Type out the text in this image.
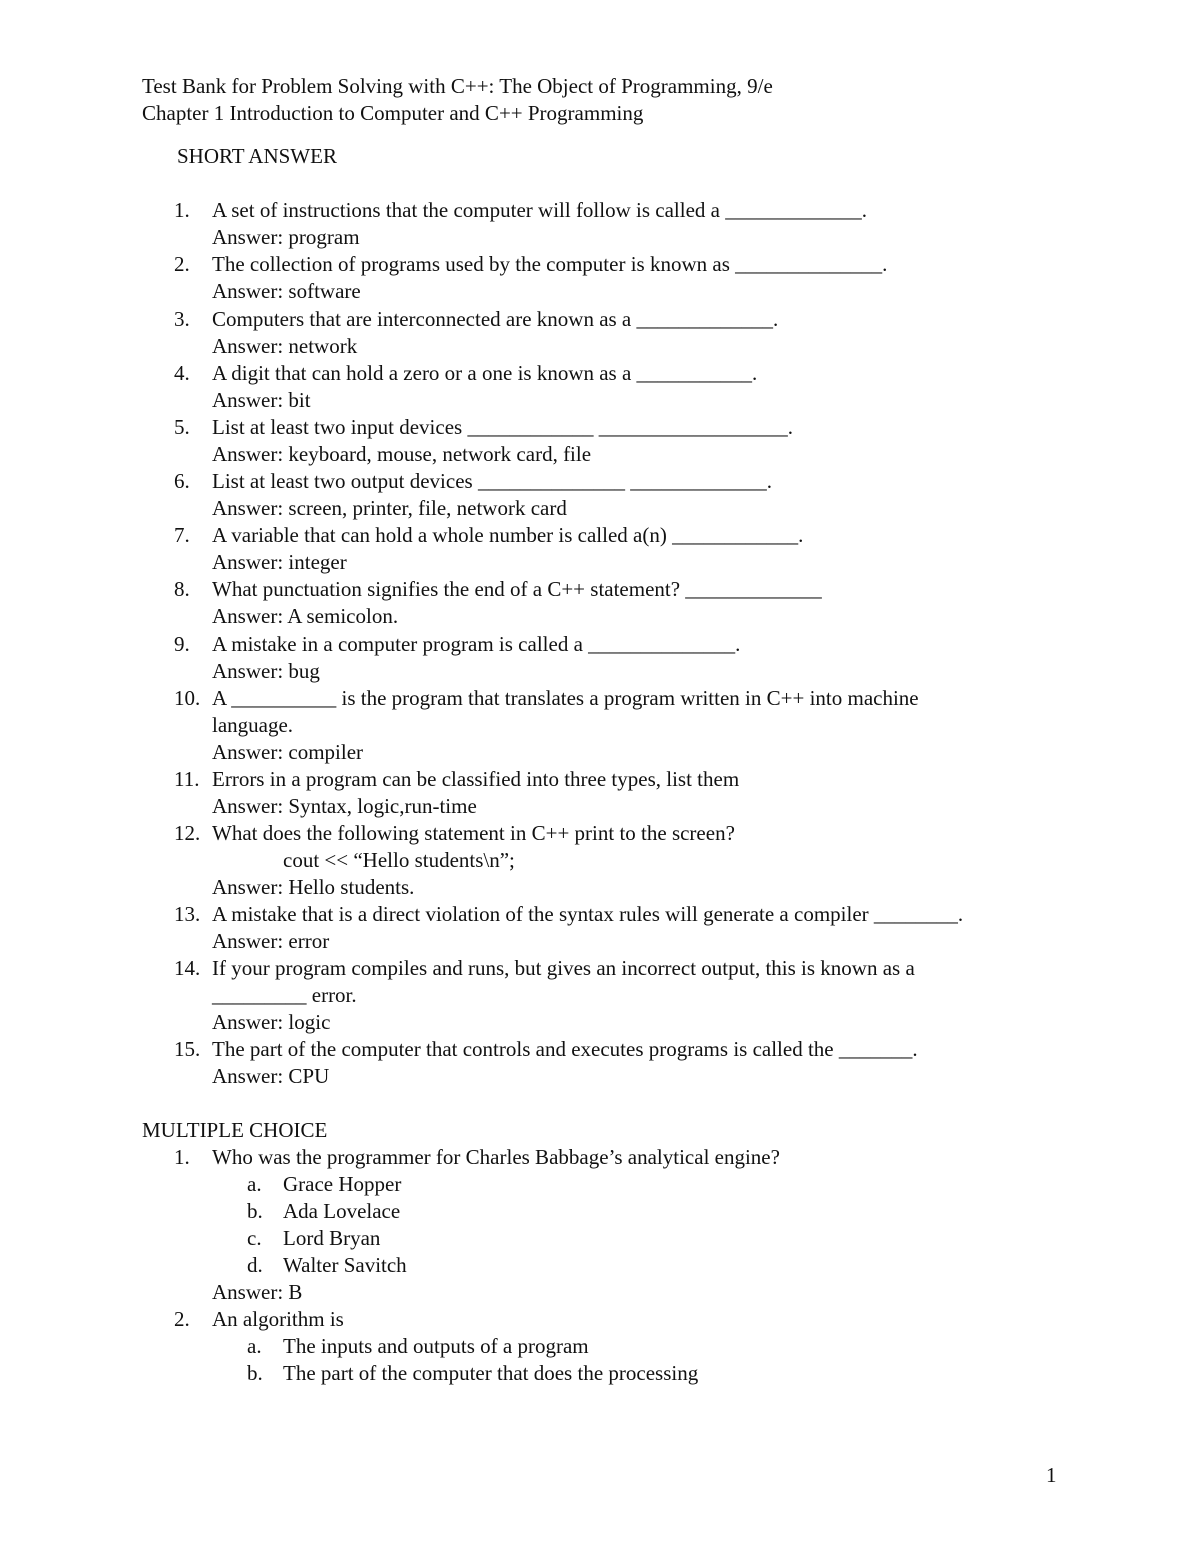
Test Bank for Problem Solving with C++: The Object of Programming, 9/e
Chapter 1 Introduction to Computer and C++ Programming
SHORT ANSWER
1. A set of instructions that the computer will follow is called a _____________.
Answer: program
2. The collection of programs used by the computer is known as ______________.
Answer: software
3. Computers that are interconnected are known as a _____________.
Answer: network
4. A digit that can hold a zero or a one is known as a ___________.
Answer: bit
5. List at least two input devices ____________ __________________.
Answer: keyboard, mouse, network card, file
6. List at least two output devices ______________ _____________.
Answer: screen, printer, file, network card
7. A variable that can hold a whole number is called a(n) ____________.
Answer: integer
8. What punctuation signifies the end of a C++ statement? _____________
Answer: A semicolon.
9. A mistake in a computer program is called a ______________.
Answer: bug
10. A __________ is the program that translates a program written in C++ into machine
language.
Answer: compiler
11. Errors in a program can be classified into three types, list them
Answer: Syntax, logic,run-time
12. What does the following statement in C++ print to the screen?
cout << “Hello students\n”;
Answer: Hello students.
13. A mistake that is a direct violation of the syntax rules will generate a compiler ________.
Answer: error
14. If your program compiles and runs, but gives an incorrect output, this is known as a
_________ error.
Answer: logic
15. The part of the computer that controls and executes programs is called the _______.
Answer: CPU
MULTIPLE CHOICE
1. Who was the programmer for Charles Babbage’s analytical engine?
a. Grace Hopper
b. Ada Lovelace
c. Lord Bryan
d. Walter Savitch
Answer: B
2. An algorithm is
a. The inputs and outputs of a program
b. The part of the computer that does the processing
1
